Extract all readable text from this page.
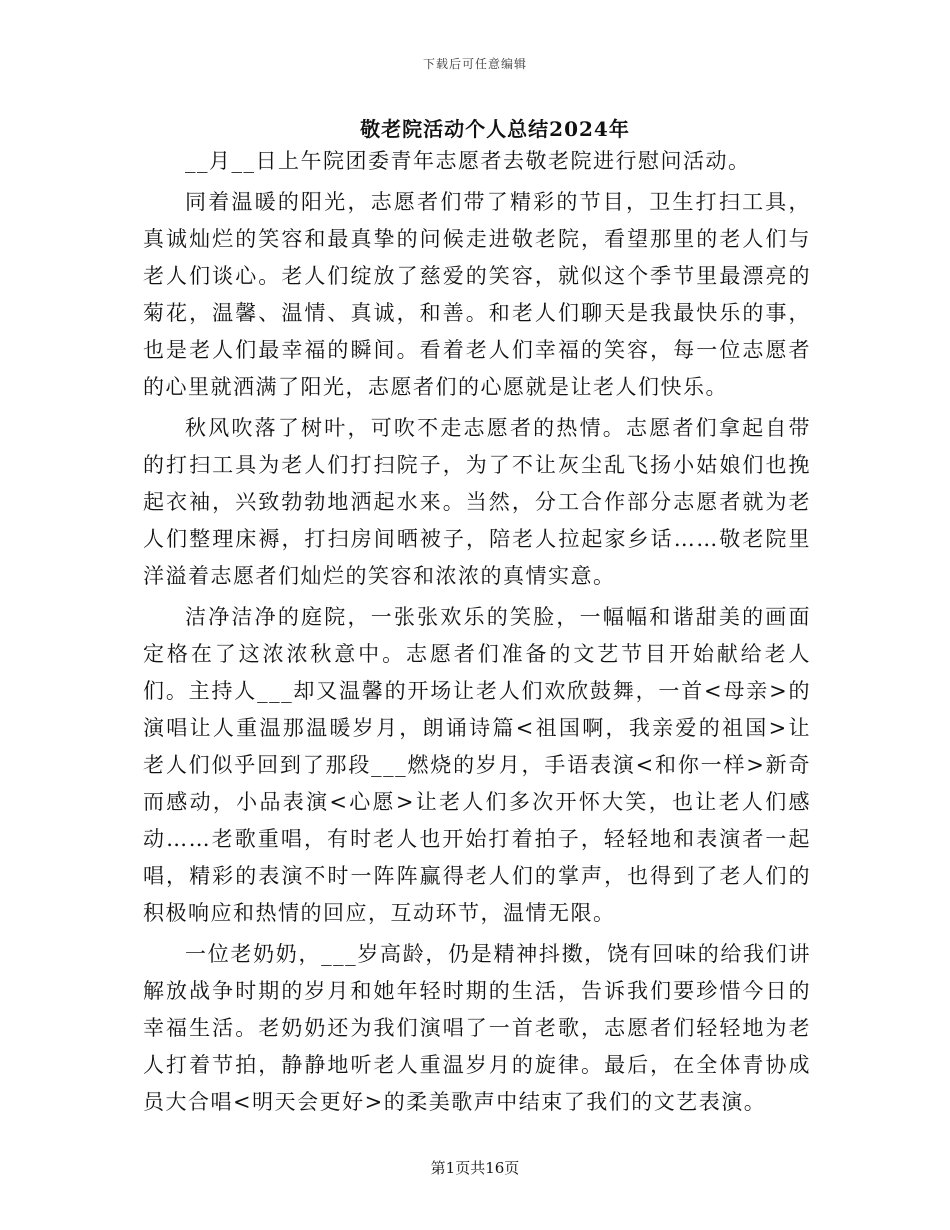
下载后可任意编辑
敬老院活动个人总结2024年

__月__日上午院团委青年志愿者去敬老院进行慰问活动。

同着温暖的阳光，志愿者们带了精彩的节目，卫生打扫工具，真诚灿烂的笑容和最真挚的问候走进敬老院，看望那里的老人们与老人们谈心。老人们绽放了慈爱的笑容，就似这个季节里最漂亮的菊花，温馨、温情、真诚，和善。和老人们聊天是我最快乐的事，也是老人们最幸福的瞬间。看着老人们幸福的笑容，每一位志愿者的心里就洒满了阳光，志愿者们的心愿就是让老人们快乐。

秋风吹落了树叶，可吹不走志愿者的热情。志愿者们拿起自带的打扫工具为老人们打扫院子，为了不让灰尘乱飞扬小姑娘们也挽起衣袖，兴致勃勃地洒起水来。当然，分工合作部分志愿者就为老人们整理床褥，打扫房间晒被子，陪老人拉起家乡话……敬老院里洋溢着志愿者们灿烂的笑容和浓浓的真情实意。

洁净洁净的庭院，一张张欢乐的笑脸，一幅幅和谐甜美的画面定格在了这浓浓秋意中。志愿者们准备的文艺节目开始献给老人们。主持人___却又温馨的开场让老人们欢欣鼓舞，一首<母亲>的演唱让人重温那温暖岁月，朗诵诗篇<祖国啊，我亲爱的祖国>让老人们似乎回到了那段___燃烧的岁月，手语表演<和你一样>新奇而感动，小品表演<心愿>让老人们多次开怀大笑，也让老人们感动……老歌重唱，有时老人也开始打着拍子，轻轻地和表演者一起唱，精彩的表演不时一阵阵赢得老人们的掌声，也得到了老人们的积极响应和热情的回应，互动环节，温情无限。

一位老奶奶，___岁高龄，仍是精神抖擞，饶有回味的给我们讲解放战争时期的岁月和她年轻时期的生活，告诉我们要珍惜今日的幸福生活。老奶奶还为我们演唱了一首老歌，志愿者们轻轻地为老人打着节拍，静静地听老人重温岁月的旋律。最后，在全体青协成员大合唱<明天会更好>的柔美歌声中结束了我们的文艺表演。

第1页共16页
